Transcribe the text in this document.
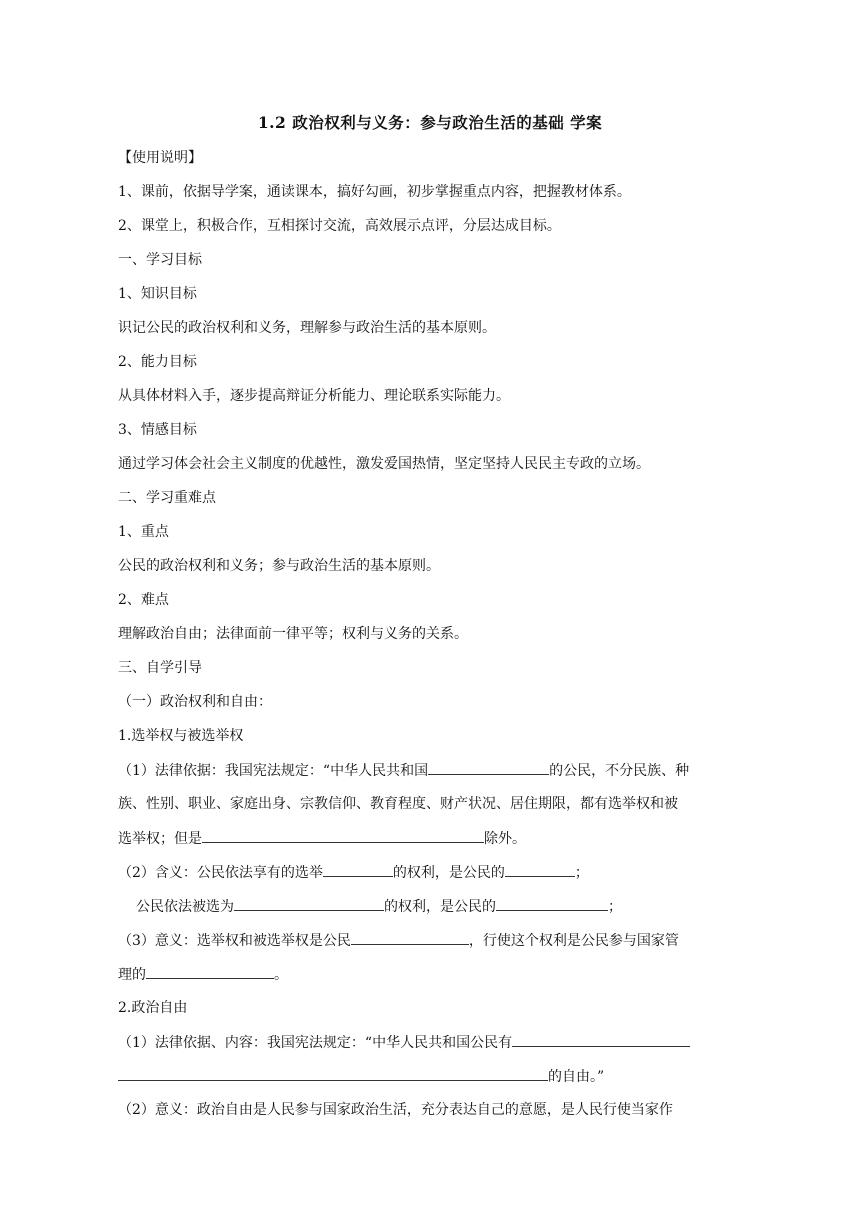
1.2 政治权利与义务：参与政治生活的基础 学案
【使用说明】
1、课前，依据导学案，通读课本，搞好勾画，初步掌握重点内容，把握教材体系。
2、课堂上，积极合作，互相探讨交流，高效展示点评，分层达成目标。
一、学习目标
1、知识目标
识记公民的政治权利和义务，理解参与政治生活的基本原则。
2、能力目标
从具体材料入手，逐步提高辩证分析能力、理论联系实际能力。
3、情感目标
通过学习体会社会主义制度的优越性，激发爱国热情，坚定坚持人民民主专政的立场。
二、学习重难点
1、重点
公民的政治权利和义务；参与政治生活的基本原则。
2、难点
理解政治自由；法律面前一律平等；权利与义务的关系。
三、自学引导
（一）政治权利和自由：
1.选举权与被选举权
（1）法律依据：我国宪法规定：“中华人民共和国	的公民，不分民族、种
族、性别、职业、家庭出身、宗教信仰、教育程度、财产状况、居住期限，都有选举权和被
选举权；但是	除外。
（2）含义：公民依法享有的选举	的权利，是公民的	；
公民依法被选为	的权利，是公民的	；
（3）意义：选举权和被选举权是公民	，行使这个权利是公民参与国家管
理的	。
2.政治自由
（1）法律依据、内容：我国宪法规定：“中华人民共和国公民有
的自由。”
（2）意义：政治自由是人民参与国家政治生活，充分表达自己的意愿，是人民行使当家作
